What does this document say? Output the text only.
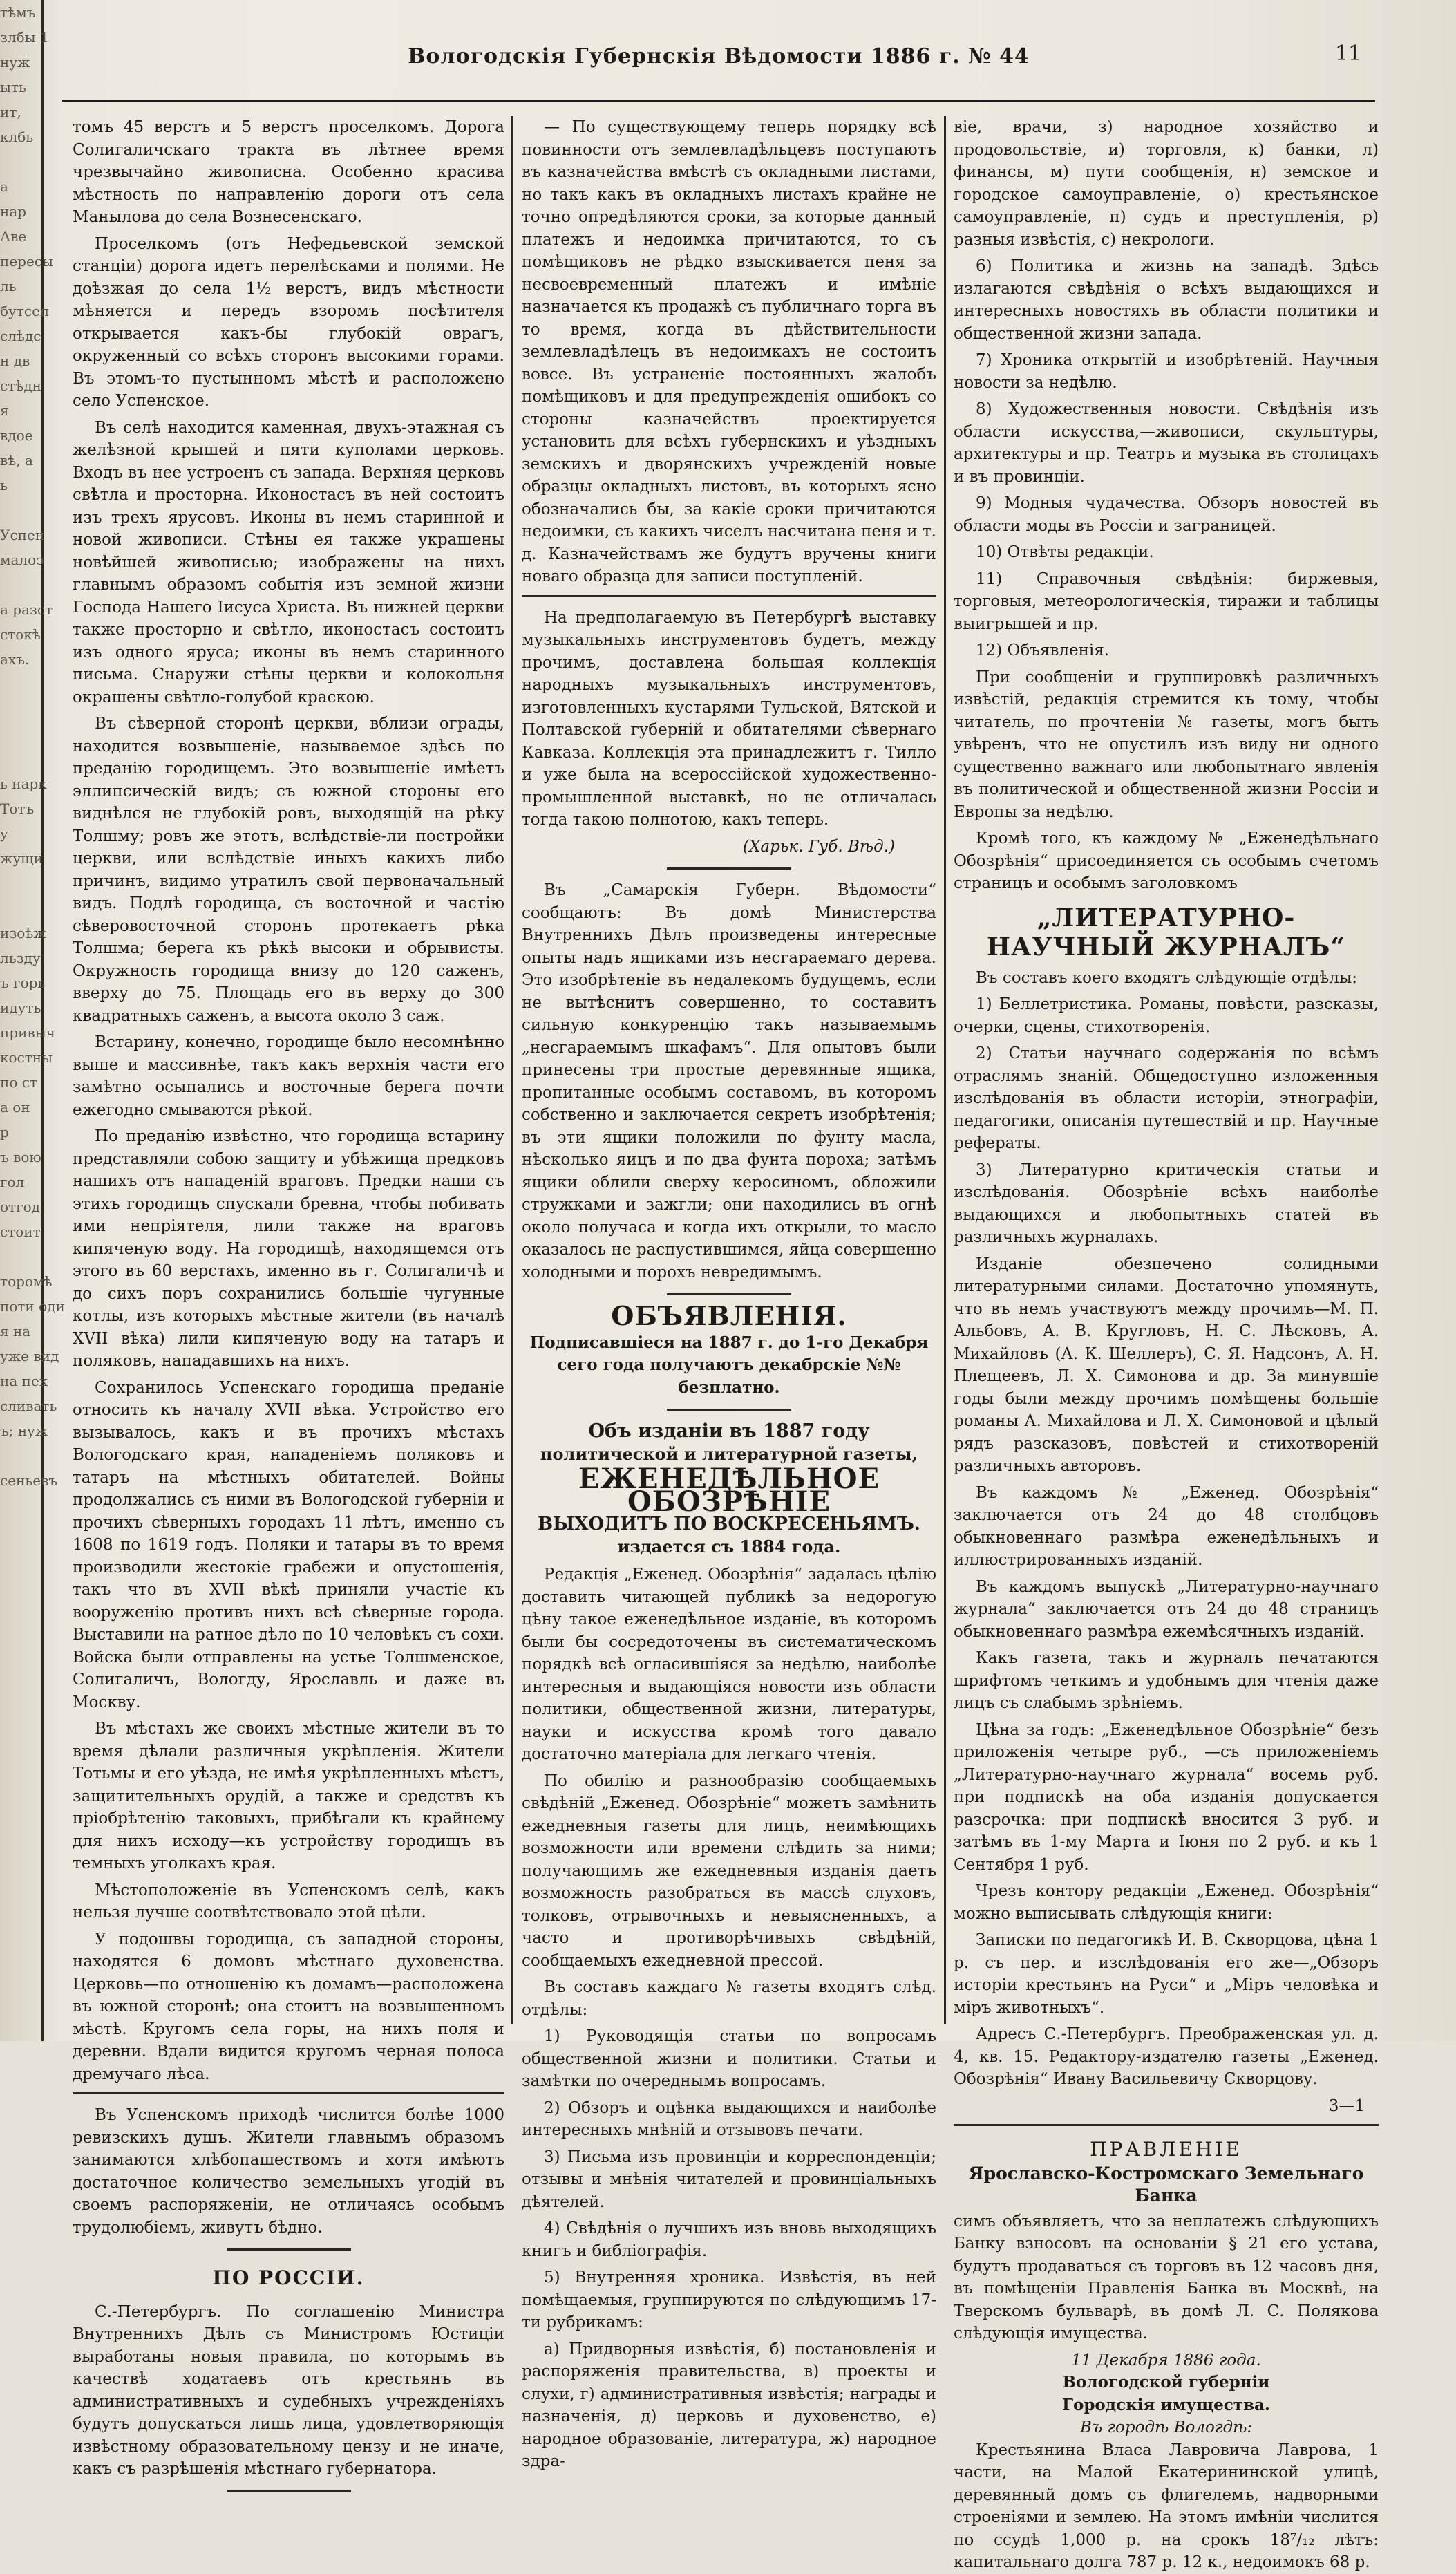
тѣмъ
злбы 1
нуж
ыть
ит,
клбь

а
нар
Аве
пересы
ль
бутсеп
слѣдс
н дв
стѣдн
я
вдое
вѣ, а
ь

Успен
малоэ

а разст
стокѣ
ахъ.

ь нарк
Тотъ
у
жущи

изоѣж
льзду
ъ горь
идуть
привыч
костны
по ст
а он
р
ъ вою
гол
отгод
стоит

торомѣ
поти оди
я на
уже вид
на пек
сливать
ъ; нуж

сеньевъ
Вологодскія Губернскія Вѣдомости 1886 г. № 44	11

томъ 45 верстъ и 5 верстъ проселкомъ. Дорога Солигаличскаго тракта въ лѣтнее время чрезвычайно живописна. Особенно красива мѣстность по направленію дороги отъ села Манылова до села Вознесенскаго.

Проселкомъ (отъ Нефедьевской земской станціи) дорога идетъ перелѣсками и полями. Не доѣзжая до села 1½ верстъ, видъ мѣстности мѣняется и передъ взоромъ посѣтителя открывается какъ-бы глубокій оврагъ, окруженный со всѣхъ сторонъ высокими горами. Въ этомъ-то пустынномъ мѣстѣ и расположено село Успенское.

Въ селѣ находится каменная, двухъ-этажная съ желѣзной крышей и пяти куполами церковь. Входъ въ нее устроенъ съ запада. Верхняя церковь свѣтла и просторна. Иконостасъ въ ней состоитъ изъ трехъ ярусовъ. Иконы въ немъ старинной и новой живописи. Стѣны ея также украшены новѣйшей живописью; изображены на нихъ главнымъ образомъ событія изъ земной жизни Господа Нашего Іисуса Христа. Въ нижней церкви также просторно и свѣтло, иконостасъ состоитъ изъ одного яруса; иконы въ немъ старинного письма. Снаружи стѣны церкви и колокольня окрашены свѣтло-голубой краскою.

Въ сѣверной сторонѣ церкви, вблизи ограды, находится возвышеніе, называемое здѣсь по преданію городищемъ. Это возвышеніе имѣетъ эллипсическій видъ; съ южной стороны его виднѣлся не глубокій ровъ, выходящій на рѣку Толшму; ровъ же этотъ, вслѣдствіе-ли постройки церкви, или вслѣдствіе иныхъ какихъ либо причинъ, видимо утратилъ свой первоначальный видъ. Подлѣ городища, съ восточной и частію сѣверовосточной сторонъ протекаетъ рѣка Толшма; берега къ рѣкѣ высоки и обрывисты. Окружность городища внизу до 120 саженъ, вверху до 75. Площадь его въ верху до 300 квадратныхъ саженъ, а высота около 3 саж.

Встарину, конечно, городище было несомнѣнно выше и массивнѣе, такъ какъ верхнія части его замѣтно осыпались и восточные берега почти ежегодно смываются рѣкой.

По преданію извѣстно, что городища встарину представляли собою защиту и убѣжища предковъ нашихъ отъ нападеній враговъ. Предки наши съ этихъ городищъ спускали бревна, чтобы побивать ими непріятеля, лили также на враговъ кипяченую воду. На городищѣ, находящемся отъ этого въ 60 верстахъ, именно въ г. Солигаличѣ и до сихъ поръ сохранились большіе чугунные котлы, изъ которыхъ мѣстные жители (въ началѣ XVII вѣка) лили кипяченую воду на татаръ и поляковъ, нападавшихъ на нихъ.

Сохранилось Успенскаго городища преданіе относить къ началу XVII вѣка. Устройство его вызывалось, какъ и въ прочихъ мѣстахъ Вологодскаго края, нападеніемъ поляковъ и татаръ на мѣстныхъ обитателей. Войны продолжались съ ними въ Вологодской губерніи и прочихъ сѣверныхъ городахъ 11 лѣтъ, именно съ 1608 по 1619 годъ. Поляки и татары въ то время производили жестокіе грабежи и опустошенія, такъ что въ XVII вѣкѣ приняли участіе къ вооруженію противъ нихъ всѣ сѣверные города. Выставили на ратное дѣло по 10 человѣкъ съ сохи. Войска были отправлены на устье Толшменское, Солигаличъ, Вологду, Ярославль и даже въ Москву.

Въ мѣстахъ же своихъ мѣстные жители въ то время дѣлали различныя укрѣпленія. Жители Тотьмы и его уѣзда, не имѣя укрѣпленныхъ мѣстъ, защитительныхъ орудій, а также и средствъ къ пріобрѣтенію таковыхъ, прибѣгали къ крайнему для нихъ исходу—къ устройству городищъ въ темныхъ уголкахъ края.

Мѣстоположеніе въ Успенскомъ селѣ, какъ нельзя лучше соотвѣтствовало этой цѣли.

У подошвы городища, съ западной стороны, находятся 6 домовъ мѣстнаго духовенства. Церковь—по отношенію къ домамъ—расположена въ южной сторонѣ; она стоитъ на возвышенномъ мѣстѣ. Кругомъ села горы, на нихъ поля и деревни. Вдали видится кругомъ черная полоса дремучаго лѣса.

Въ Успенскомъ приходѣ числится болѣе 1000 ревизскихъ душъ. Жители главнымъ образомъ занимаются хлѣбопашествомъ и хотя имѣютъ достаточное количество земельныхъ угодій въ своемъ распоряженіи, не отличаясь особымъ трудолюбіемъ, живутъ бѣдно.

ПО РОССІИ.

С.-Петербургъ. По соглашенію Министра Внутреннихъ Дѣлъ съ Министромъ Юстиціи выработаны новыя правила, по которымъ въ качествѣ ходатаевъ отъ крестьянъ въ административныхъ и судебныхъ учрежденіяхъ будутъ допускаться лишь лица, удовлетворяющія извѣстному образовательному цензу и не иначе, какъ съ разрѣшенія мѣстнаго губернатора.

— По существующему теперь порядку всѣ повинности отъ землевладѣльцевъ поступаютъ въ казначейства вмѣстѣ съ окладными листами, но такъ какъ въ окладныхъ листахъ крайне не точно опредѣляются сроки, за которые данный платежъ и недоимка причитаются, то съ помѣщиковъ не рѣдко взыскивается пеня за несвоевременный платежъ и имѣніе назначается къ продажѣ съ публичнаго торга въ то время, когда въ дѣйствительности землевладѣлецъ въ недоимкахъ не состоитъ вовсе. Въ устраненіе постоянныхъ жалобъ помѣщиковъ и для предупрежденія ошибокъ со стороны казначействъ проектируется установить для всѣхъ губернскихъ и уѣздныхъ земскихъ и дворянскихъ учрежденій новые образцы окладныхъ листовъ, въ которыхъ ясно обозначались бы, за какіе сроки причитаются недоимки, съ какихъ чиселъ насчитана пеня и т. д. Казначействамъ же будутъ вручены книги новаго образца для записи поступленій.

На предполагаемую въ Петербургѣ выставку музыкальныхъ инструментовъ будетъ, между прочимъ, доставлена большая коллекція народныхъ музыкальныхъ инструментовъ, изготовленныхъ кустарями Тульской, Вятской и Полтавской губерній и обитателями сѣвернаго Кавказа. Коллекція эта принадлежитъ г. Тилло и уже была на всероссійской художественно-промышленной выставкѣ, но не отличалась тогда такою полнотою, какъ теперь.

(Харьк. Губ. Вѣд.)

Въ „Самарскія Губерн. Вѣдомости“ сообщаютъ: Въ домѣ Министерства Внутреннихъ Дѣлъ произведены интересные опыты надъ ящиками изъ несгараемаго дерева. Это изобрѣтеніе въ недалекомъ будущемъ, если не вытѣснитъ совершенно, то составитъ сильную конкуренцію такъ называемымъ „несгараемымъ шкафамъ“. Для опытовъ были принесены три простые деревянные ящика, пропитанные особымъ составомъ, въ которомъ собственно и заключается секретъ изобрѣтенія; въ эти ящики положили по фунту масла, нѣсколько яицъ и по два фунта пороха; затѣмъ ящики облили сверху керосиномъ, обложили стружками и зажгли; они находились въ огнѣ около получаса и когда ихъ открыли, то масло оказалось не распустившимся, яйца совершенно холодными и порохъ невредимымъ.

ОБЪЯВЛЕНІЯ.

Подписавшіеся на 1887 г. до 1-го Декабря сего года получаютъ декабрскіе №№ безплатно.

Объ изданіи въ 1887 году
политической и литературной газеты,
ЕЖЕНЕДѢЛЬНОЕ ОБОЗРѢНІЕ
ВЫХОДИТЪ ПО ВОСКРЕСЕНЬЯМЪ.
издается съ 1884 года.

Редакція „Еженед. Обозрѣнія“ задалась цѣлію доставить читающей публикѣ за недорогую цѣну такое еженедѣльное изданіе, въ которомъ были бы сосредоточены въ систематическомъ порядкѣ всѣ огласившіяся за недѣлю, наиболѣе интересныя и выдающіяся новости изъ области политики, общественной жизни, литературы, науки и искусства кромѣ того давало достаточно матеріала для легкаго чтенія.

По обилію и разнообразію сообщаемыхъ свѣдѣній „Еженед. Обозрѣніе“ можетъ замѣнить ежедневныя газеты для лицъ, неимѣющихъ возможности или времени слѣдить за ними; получающимъ же ежедневныя изданія даетъ возможность разобраться въ массѣ слуховъ, толковъ, отрывочныхъ и невыясненныхъ, а часто и противорѣчивыхъ свѣдѣній, сообщаемыхъ ежедневной прессой.

Въ составъ каждаго № газеты входятъ слѣд. отдѣлы:

1) Руководящія статьи по вопросамъ общественной жизни и политики. Статьи и замѣтки по очереднымъ вопросамъ.

2) Обзоръ и оцѣнка выдающихся и наиболѣе интересныхъ мнѣній и отзывовъ печати.

3) Письма изъ провинціи и корреспонденціи; отзывы и мнѣнія читателей и провинціальныхъ дѣятелей.

4) Свѣдѣнія о лучшихъ изъ вновь выходящихъ книгъ и библіографія.

5) Внутренняя хроника. Извѣстія, въ ней помѣщаемыя, группируются по слѣдующимъ 17-ти рубрикамъ:

а) Придворныя извѣстія, б) постановленія и распоряженія правительства, в) проекты и слухи, г) административныя извѣстія; награды и назначенія, д) церковь и духовенство, е) народное образованіе, литература, ж) народное здра-

віе, врачи, з) народное хозяйство и продовольствіе, и) торговля, к) банки, л) финансы, м) пути сообщенія, н) земское и городское самоуправленіе, о) крестьянское самоуправленіе, п) судъ и преступленія, р) разныя извѣстія, с) некрологи.

6) Политика и жизнь на западѣ. Здѣсь излагаются свѣдѣнія о всѣхъ выдающихся и интересныхъ новостяхъ въ области политики и общественной жизни запада.

7) Хроника открытій и изобрѣтеній. Научныя новости за недѣлю.

8) Художественныя новости. Свѣдѣнія изъ области искусства,—живописи, скульптуры, архитектуры и пр. Театръ и музыка въ столицахъ и въ провинціи.

9) Модныя чудачества. Обзоръ новостей въ области моды въ Россіи и заграницей.

10) Отвѣты редакціи.

11) Справочныя свѣдѣнія: биржевыя, торговыя, метеорологическія, тиражи и таблицы выигрышей и пр.

12) Объявленія.

При сообщеніи и группировкѣ различныхъ извѣстій, редакція стремится къ тому, чтобы читатель, по прочтеніи № газеты, могъ быть увѣренъ, что не опустилъ изъ виду ни одного существенно важнаго или любопытнаго явленія въ политической и общественной жизни Россіи и Европы за недѣлю.

Кромѣ того, къ каждому № „Еженедѣльнаго Обозрѣнія“ присоединяется съ особымъ счетомъ страницъ и особымъ заголовкомъ

„ЛИТЕРАТУРНО-НАУЧНЫЙ ЖУРНАЛЪ“

Въ составъ коего входятъ слѣдующіе отдѣлы:

1) Беллетристика. Романы, повѣсти, разсказы, очерки, сцены, стихотворенія.

2) Статьи научнаго содержанія по всѣмъ отраслямъ знаній. Общедоступно изложенныя изслѣдованія въ области исторіи, этнографіи, педагогики, описанія путешествій и пр. Научные рефераты.

3) Литературно критическія статьи и изслѣдованія. Обозрѣніе всѣхъ наиболѣе выдающихся и любопытныхъ статей въ различныхъ журналахъ.

Изданіе обезпечено солидными литературными силами. Достаточно упомянуть, что въ немъ участвуютъ между прочимъ—М. П. Альбовъ, А. В. Кругловъ, Н. С. Лѣсковъ, А. Михайловъ (А. К. Шеллеръ), С. Я. Надсонъ, А. Н. Плещеевъ, Л. Х. Симонова и др. За минувшіе годы были между прочимъ помѣщены большіе романы А. Михайлова и Л. Х. Симоновой и цѣлый рядъ разсказовъ, повѣстей и стихотвореній различныхъ авторовъ.

Въ каждомъ № „Еженед. Обозрѣнія“ заключается отъ 24 до 48 столбцовъ обыкновеннаго размѣра еженедѣльныхъ и иллюстрированныхъ изданій.

Въ каждомъ выпускѣ „Литературно-научнаго журнала“ заключается отъ 24 до 48 страницъ обыкновеннаго размѣра ежемѣсячныхъ изданій.

Какъ газета, такъ и журналъ печатаются шрифтомъ четкимъ и удобнымъ для чтенія даже лицъ съ слабымъ зрѣніемъ.

Цѣна за годъ: „Еженедѣльное Обозрѣніе“ безъ приложенія четыре руб., —съ приложеніемъ „Литературно-научнаго журнала“ восемь руб. при подпискѣ на оба изданія допускается разсрочка: при подпискѣ вносится 3 руб. и затѣмъ въ 1-му Марта и Іюня по 2 руб. и къ 1 Сентября 1 руб.

Чрезъ контору редакціи „Еженед. Обозрѣнія“ можно выписывать слѣдующія книги:

Записки по педагогикѣ И. В. Скворцова, цѣна 1 р. съ пер. и изслѣдованія его же—„Обзоръ исторіи крестьянъ на Руси“ и „Міръ человѣка и міръ животныхъ“.

Адресъ С.-Петербургъ. Преображенская ул. д. 4, кв. 15. Редактору-издателю газеты „Еженед. Обозрѣнія“ Ивану Васильевичу Скворцову.

3—1
ПРАВЛЕНІЕ
Ярославско-Костромскаго Земельнаго Банка

симъ объявляетъ, что за неплатежъ слѣдующихъ Банку взносовъ на основаніи § 21 его устава, будутъ продаваться съ торговъ въ 12 часовъ дня, въ помѣщеніи Правленія Банка въ Москвѣ, на Тверскомъ бульварѣ, въ домѣ Л. С. Полякова слѣдующія имущества.

11 Декабря 1886 года.
Вологодской губерніи
Городскія имущества.
Въ городѣ Вологдѣ:

Крестьянина Власа Лавровича Лаврова, 1 части, на Малой Екатерининской улицѣ, деревянный домъ съ флигелемъ, надворными строеніями и землею. На этомъ имѣніи числится по ссудѣ 1,000 р. на срокъ 18⁷/₁₂ лѣтъ: капитальнаго долга 787 р. 12 к., недоимокъ 68 р.
